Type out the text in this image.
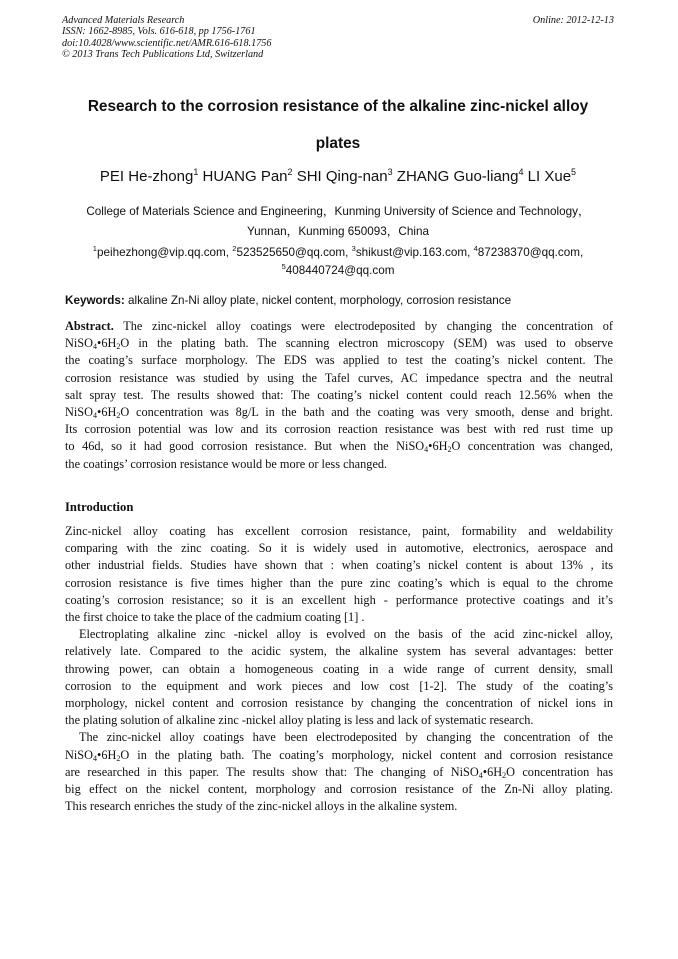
Advanced Materials Research
ISSN: 1662-8985, Vols. 616-618, pp 1756-1761
doi:10.4028/www.scientific.net/AMR.616-618.1756
© 2013 Trans Tech Publications Ltd, Switzerland
Online: 2012-12-13
Research to the corrosion resistance of the alkaline zinc-nickel alloy
plates
PEI He-zhong$^1$ HUANG Pan$^2$ SHI Qing-nan$^3$ ZHANG Guo-liang$^4$ LI Xue$^5$
College of Materials Science and Engineering，Kunming University of Science and Technology，
Yunnan，Kunming 650093，China
$^1$peihezhong@vip.qq.com, $^2$523525650@qq.com, $^3$shikust@vip.163.com, $^4$87238370@qq.com,
$^5$408440724@qq.com
Keywords: alkaline Zn-Ni alloy plate, nickel content, morphology, corrosion resistance
Abstract. The zinc-nickel alloy coatings were electrodeposited by changing the concentration of
$NiSO_4•6H_2O$ in the plating bath. The scanning electron microscopy (SEM) was used to observe
the coating’s surface morphology. The EDS was applied to test the coating’s nickel content. The
corrosion resistance was studied by using the Tafel curves, AC impedance spectra and the neutral
salt spray test. The results showed that: The coating’s nickel content could reach 12.56% when the
$NiSO_4•6H_2O$ concentration was 8g/L in the bath and the coating was very smooth, dense and bright.
Its corrosion potential was low and its corrosion reaction resistance was best with red rust time up
to 46d, so it had good corrosion resistance. But when the $NiSO_4•6H_2O$ concentration was changed,
the coatings’ corrosion resistance would be more or less changed.
Introduction
Zinc-nickel alloy coating has excellent corrosion resistance, paint, formability and weldability
comparing with the zinc coating. So it is widely used in automotive, electronics, aerospace and
other industrial fields. Studies have shown that : when coating’s nickel content is about 13% , its
corrosion resistance is five times higher than the pure zinc coating’s which is equal to the chrome
coating’s corrosion resistance; so it is an excellent high - performance protective coatings and it’s
the first choice to take the place of the cadmium coating [1] .
Electroplating alkaline zinc -nickel alloy is evolved on the basis of the acid zinc-nickel alloy,
relatively late. Compared to the acidic system, the alkaline system has several advantages: better
throwing power, can obtain a homogeneous coating in a wide range of current density, small
corrosion to the equipment and work pieces and low cost [1-2]. The study of the coating’s
morphology, nickel content and corrosion resistance by changing the concentration of nickel ions in
the plating solution of alkaline zinc -nickel alloy plating is less and lack of systematic research.
The zinc-nickel alloy coatings have been electrodeposited by changing the concentration of the
$NiSO_4•6H_2O$ in the plating bath. The coating’s morphology, nickel content and corrosion resistance
are researched in this paper. The results show that: The changing of $NiSO_4•6H_2O$ concentration has
big effect on the nickel content, morphology and corrosion resistance of the Zn-Ni alloy plating.
This research enriches the study of the zinc-nickel alloys in the alkaline system.
